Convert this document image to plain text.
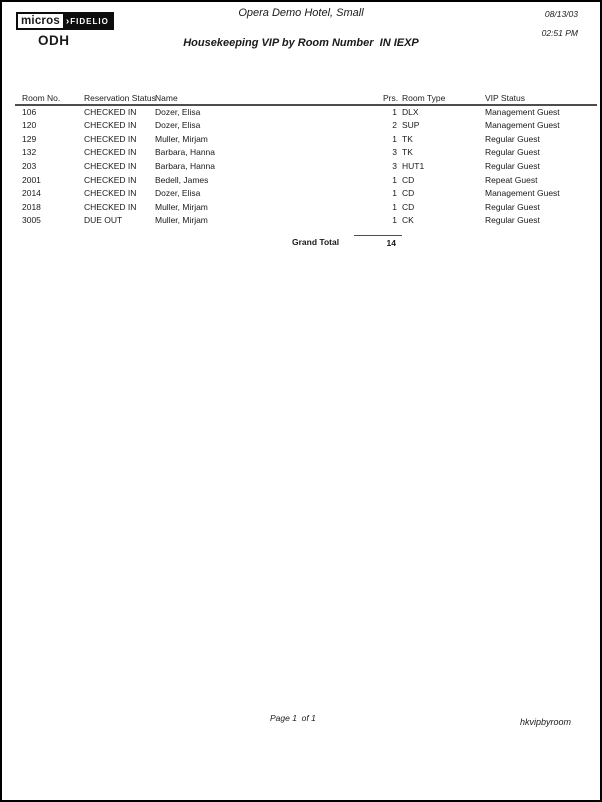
micros › FIDELIO
ODH
Opera Demo Hotel, Small	08/13/03
02:51 PM
Housekeeping VIP by Room Number  IN IEXP
Room No.	Reservation Status Name	Prs. Room Type	VIP Status
106	CHECKED IN	Dozer, Elisa	1 DLX	Management Guest
120	CHECKED IN	Dozer, Elisa	2 SUP	Management Guest
129	CHECKED IN	Muller, Mirjam	1 TK	Regular Guest
132	CHECKED IN	Barbara, Hanna	3 TK	Regular Guest
203	CHECKED IN	Barbara, Hanna	3 HUT1	Regular Guest
2001	CHECKED IN	Bedell, James	1 CD	Repeat Guest
2014	CHECKED IN	Dozer, Elisa	1 CD	Management Guest
2018	CHECKED IN	Muller, Mirjam	1 CD	Regular Guest
3005	DUE OUT	Muller, Mirjam	1 CK	Regular Guest
Grand Total	14
Page 1  of 1	hkvipbyroom
